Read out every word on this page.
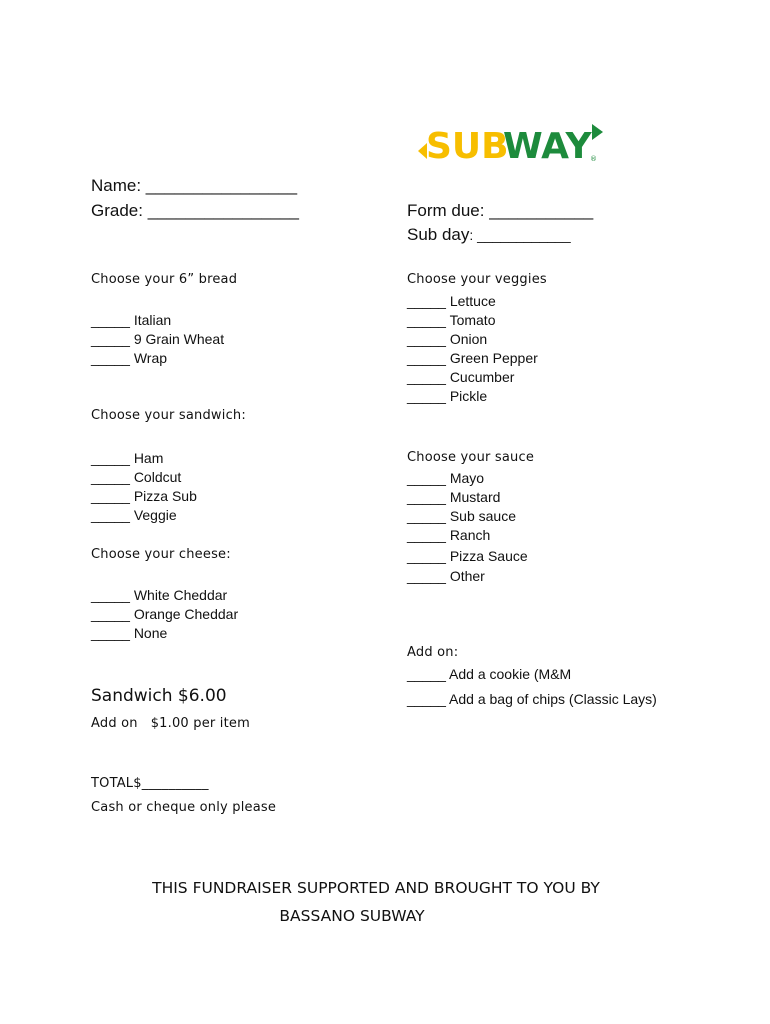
SUB
WAY
®
Name: ________________
Grade: ________________	Form due: ___________
Sub day: ____________
Choose your 6” bread
_____ Italian
_____ 9 Grain Wheat
_____ Wrap
Choose your veggies
_____ Lettuce
_____ Tomato
_____ Onion
_____ Green Pepper
_____ Cucumber
_____ Pickle
Choose your sandwich:
_____ Ham
_____ Coldcut
_____ Pizza Sub
_____ Veggie
Choose your sauce
_____ Mayo
_____ Mustard
_____ Sub sauce
_____ Ranch
_____ Pizza Sauce
_____ Other
Choose your cheese:
_____ White Cheddar
_____ Orange Cheddar
_____ None
Add on:
_____ Add a cookie (M&M
_____ Add a bag of chips (Classic Lays)
Sandwich $6.00
Add on   $1.00 per item
TOTAL$__________
Cash or cheque only please
THIS FUNDRAISER SUPPORTED AND BROUGHT TO YOU BY
BASSANO SUBWAY
